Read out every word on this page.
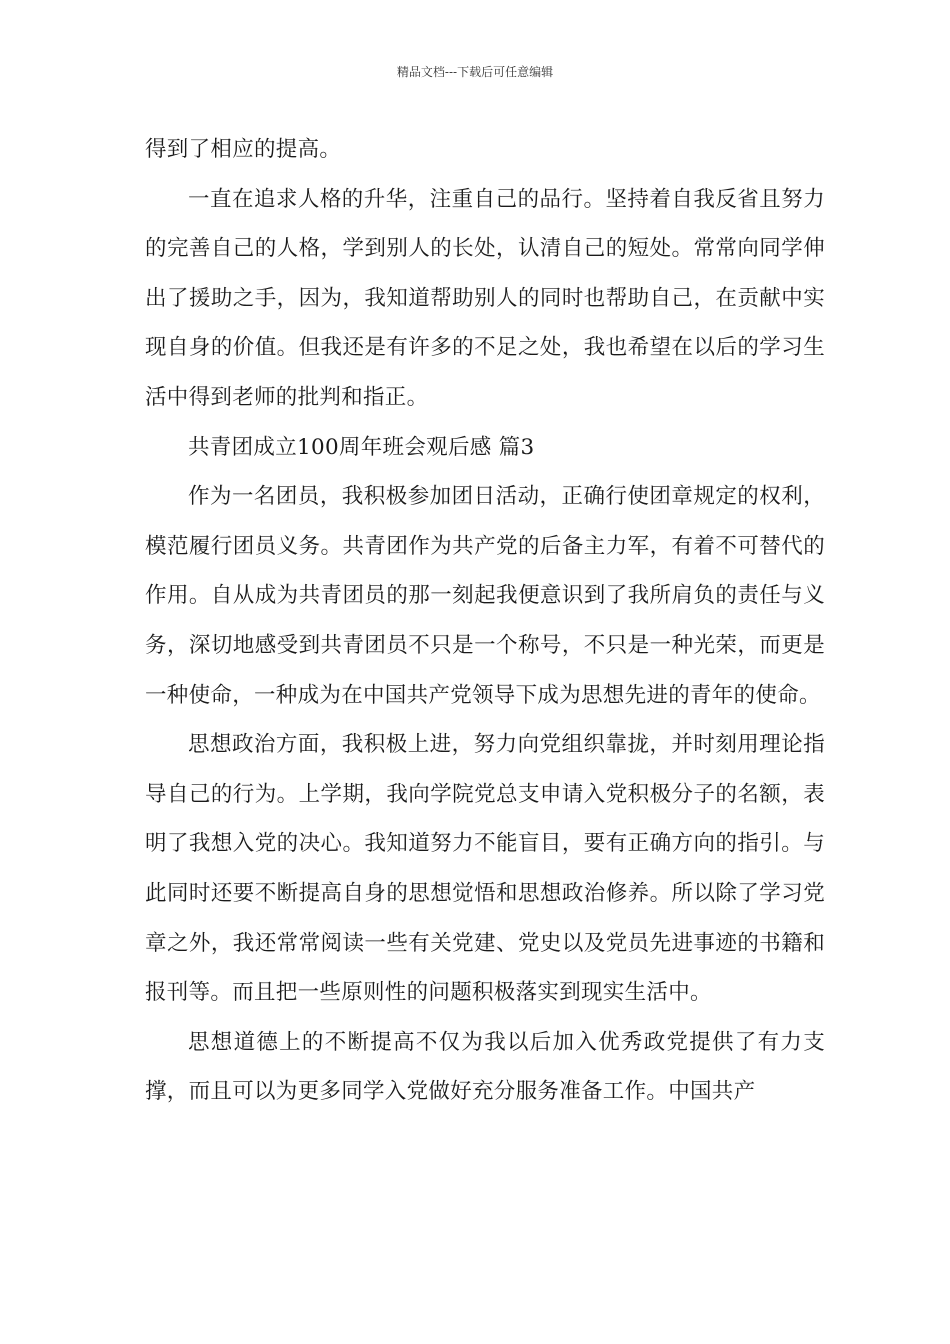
精品文档---下载后可任意编辑

得到了相应的提高。

一直在追求人格的升华，注重自己的品行。坚持着自我反省且努力的完善自己的人格，学到别人的长处，认清自己的短处。常常向同学伸出了援助之手，因为，我知道帮助别人的同时也帮助自己，在贡献中实现自身的价值。但我还是有许多的不足之处，我也希望在以后的学习生活中得到老师的批判和指正。

共青团成立100周年班会观后感 篇3

作为一名团员，我积极参加团日活动，正确行使团章规定的权利，模范履行团员义务。共青团作为共产党的后备主力军，有着不可替代的作用。自从成为共青团员的那一刻起我便意识到了我所肩负的责任与义务，深切地感受到共青团员不只是一个称号，不只是一种光荣，而更是一种使命，一种成为在中国共产党领导下成为思想先进的青年的使命。

思想政治方面，我积极上进，努力向党组织靠拢，并时刻用理论指导自己的行为。上学期，我向学院党总支申请入党积极分子的名额，表明了我想入党的决心。我知道努力不能盲目，要有正确方向的指引。与此同时还要不断提高自身的思想觉悟和思想政治修养。所以除了学习党章之外，我还常常阅读一些有关党建、党史以及党员先进事迹的书籍和报刊等。而且把一些原则性的问题积极落实到现实生活中。

思想道德上的不断提高不仅为我以后加入优秀政党提供了有力支撑，而且可以为更多同学入党做好充分服务准备工作。中国共产
